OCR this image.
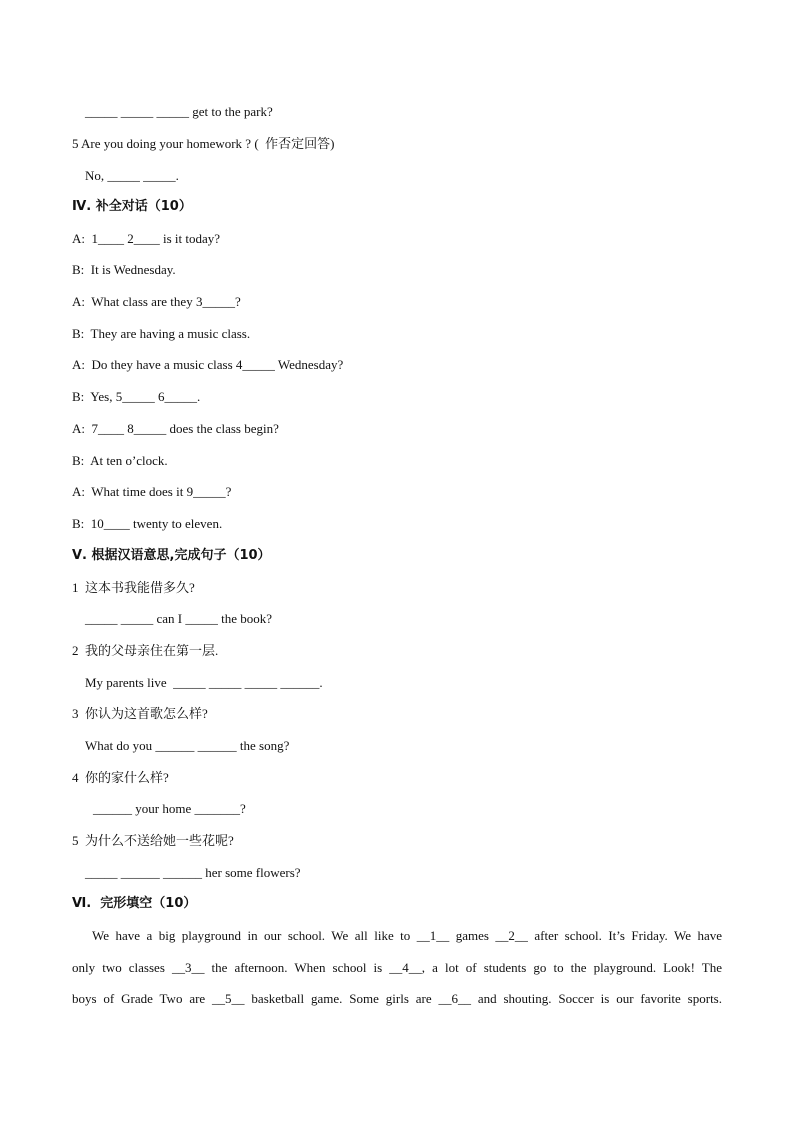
_____ _____ _____ get to the park?
5 Are you doing your homework ? (  作否定回答)
No, _____ _____.
Ⅳ. 补全对话（10）
A:  1____ 2____ is it today?
B:  It is Wednesday.
A:  What class are they 3_____?
B:  They are having a music class.
A:  Do they have a music class 4_____ Wednesday?
B:  Yes, 5_____ 6_____.
A:  7____ 8_____ does the class begin?
B:  At ten o’clock.
A:  What time does it 9_____?
B:  10____ twenty to eleven.
Ⅴ. 根据汉语意思,完成句子（10）
1  这本书我能借多久?
_____ _____ can I _____ the book?
2  我的父母亲住在第一层.
My parents live  _____ _____ _____ ______.
3  你认为这首歌怎么样?
What do you ______ ______ the song?
4  你的家什么样?
______ your home _______?
5  为什么不送给她一些花呢?
_____ ______ ______ her some flowers?
Ⅵ.  完形填空（10）
We have a big playground in our school. We all like to __1__ games __2__ after school. It’s Friday. We have
only two classes __3__ the afternoon. When school is __4__, a lot of students go to the playground. Look! The
boys of Grade Two are __5__ basketball game. Some girls are __6__ and shouting. Soccer is our favorite sports.
